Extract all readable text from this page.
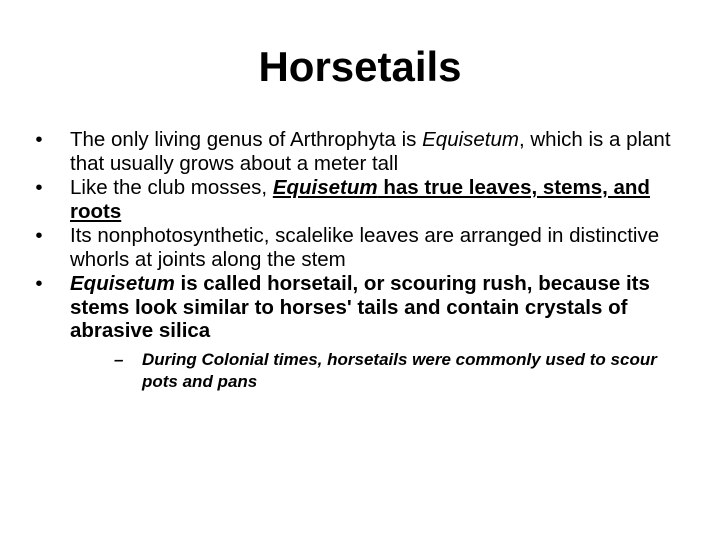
Horsetails
• The only living genus of Arthrophyta is Equisetum, which is a plant that usually grows about a meter tall
• Like the club mosses, Equisetum has true leaves, stems, and roots
• Its nonphotosynthetic, scalelike leaves are arranged in distinctive whorls at joints along the stem
• Equisetum is called horsetail, or scouring rush, because its stems look similar to horses' tails and contain crystals of abrasive silica
– During Colonial times, horsetails were commonly used to scour pots and pans
